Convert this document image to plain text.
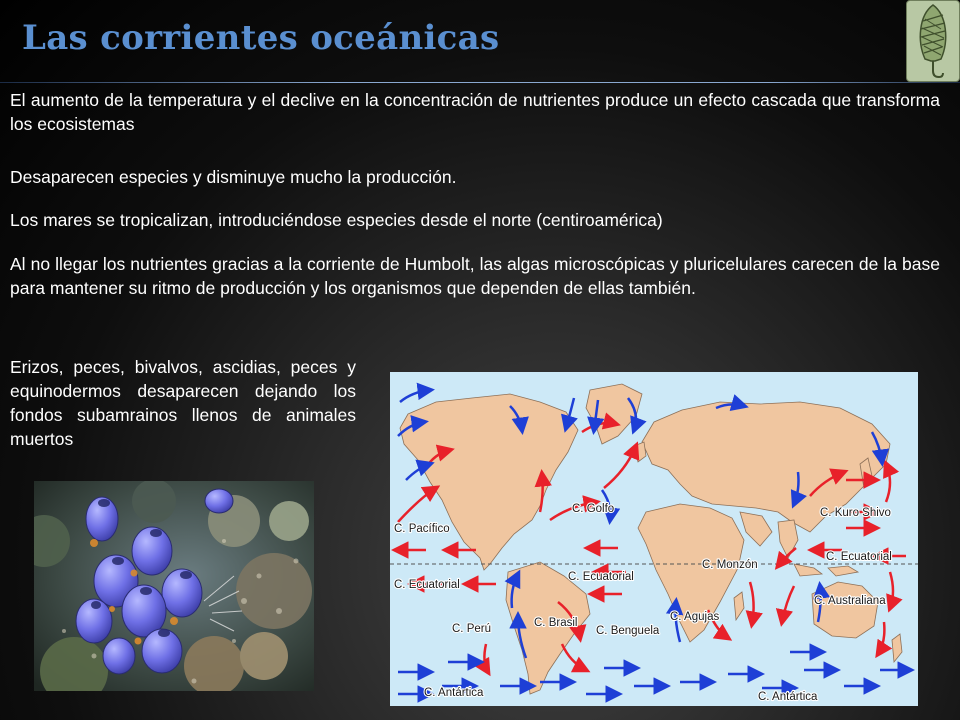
Las corrientes oceánicas

El aumento de la temperatura y el declive en la concentración de nutrientes produce un efecto cascada que transforma los ecosistemas

Desaparecen especies y disminuye mucho la producción.

Los mares se tropicalizan, introduciéndose especies desde el norte (centiroamérica)

Al no llegar los nutrientes gracias a la corriente de Humbolt, las algas microscópicas y pluricelulares carecen de la base para mantener su ritmo de producción y los organismos que dependen de ellas también.

Erizos, peces, bivalvos, ascidias, peces y equinodermos desaparecen dejando los fondos subamrainos llenos de animales muertos

C. Pacífico
C. Golfo	C. Kuro Shivo
C. Ecuatorial
C. Ecuatorial
C. Ecuatorial
C. Monzón
C. Australiana
C. Perú	C. Brasil
C. Benguela
C. Agujas
C. Antártica	C. Antártica
